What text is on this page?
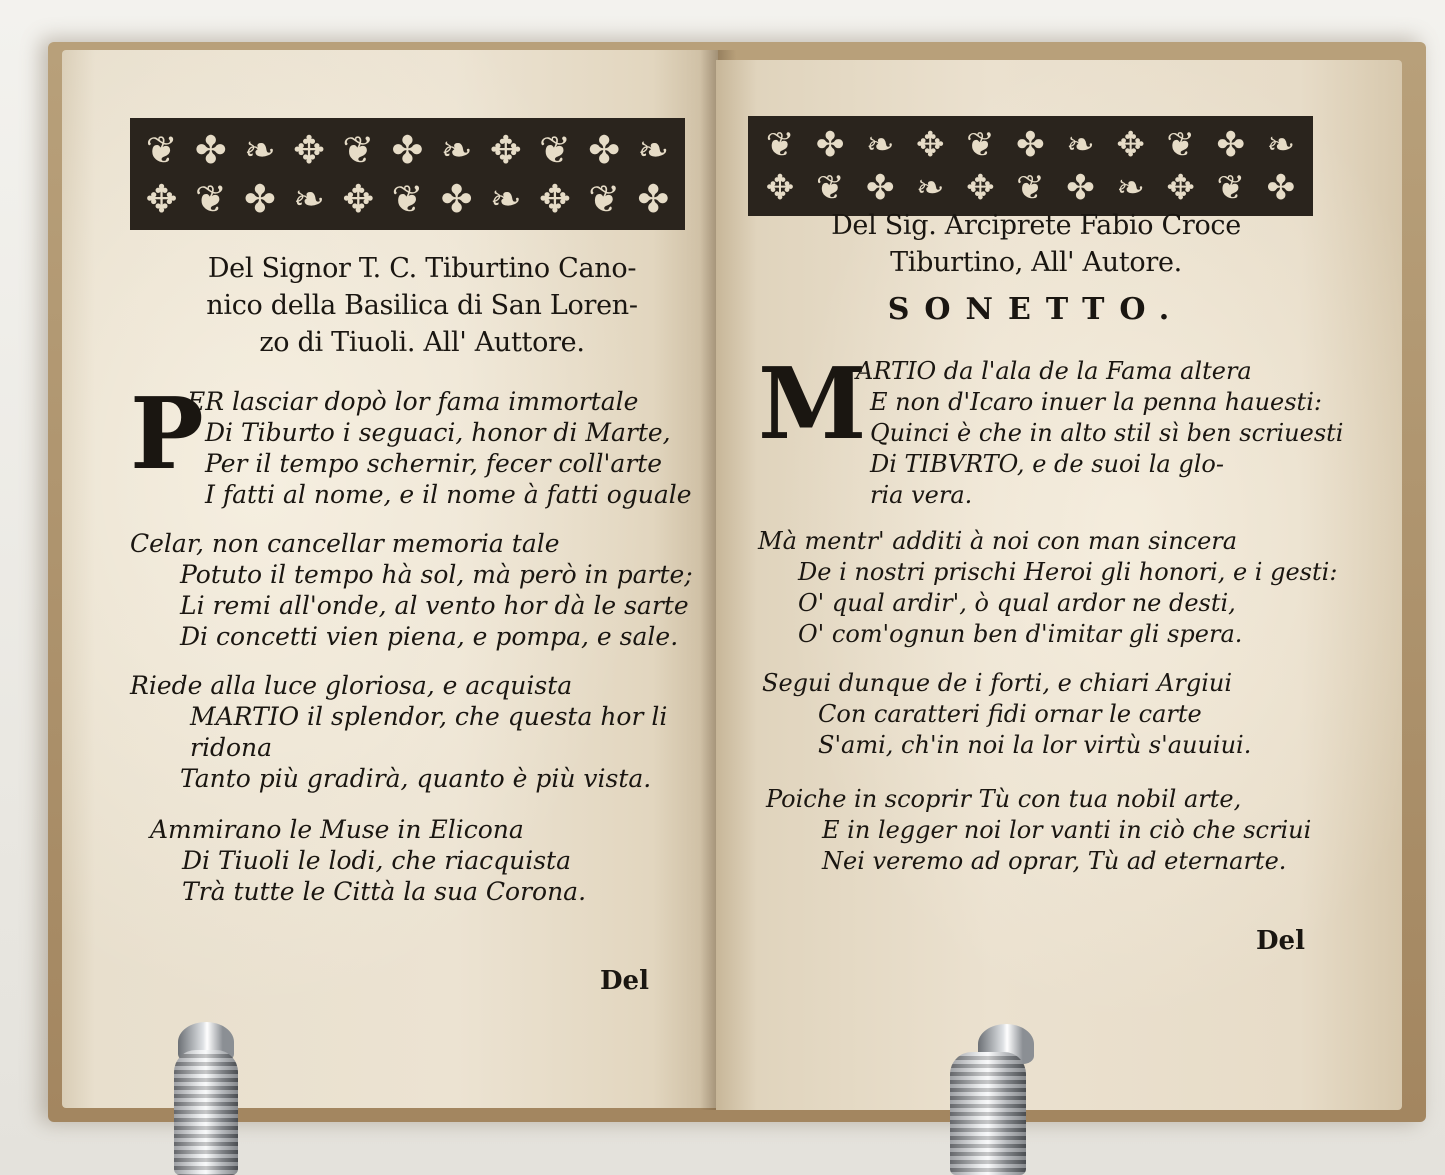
❦ ✤ ❧ ✥ ❦ ✤ ❧ ✥ ❦ ✤ ❧
✥ ❦ ✤ ❧ ✥ ❦ ✤ ❧ ✥ ❦ ✤
Del Signor T. C. Tiburtino Cano-
nico della Basilica di San Loren-
zo di Tiuoli. All' Auttore.
P
ER lasciar dopò lor fama immortale
Di Tiburto i seguaci, honor di Marte,
Per il tempo schernir, fecer coll'arte
I fatti al nome, e il nome à fatti oguale
Celar, non cancellar memoria tale
Potuto il tempo hà sol, mà però in parte;
Li remi all'onde, al vento hor dà le sarte
Di concetti vien piena, e pompa, e sale.
Riede alla luce gloriosa, e acquista
MARTIO il splendor, che questa hor li
ridona
Tanto più gradirà, quanto è più vista.
Ammirano le Muse in Elicona
Di Tiuoli le lodi, che riacquista
Trà tutte le Città la sua Corona.
Del
❦ ✤ ❧ ✥ ❦ ✤ ❧ ✥ ❦ ✤ ❧
✥ ❦ ✤ ❧ ✥ ❦ ✤ ❧ ✥ ❦ ✤
Del Sig. Arciprete Fabio Croce
Tiburtino, All' Autore.
SONETTO.
M
ARTIO da l'ala de la Fama altera
E non d'Icaro inuer la penna hauesti:
Quinci è che in alto stil sì ben scriuesti
Di TIBVRTO, e de suoi la glo-
ria vera.
Mà mentr' additi à noi con man sincera
De i nostri prischi Heroi gli honori, e i gesti:
O' qual ardir', ò qual ardor ne desti,
O' com'ognun ben d'imitar gli spera.
Segui dunque de i forti, e chiari Argiui
Con caratteri fidi ornar le carte
S'ami, ch'in noi la lor virtù s'auuiui.
Poiche in scoprir Tù con tua nobil arte,
E in legger noi lor vanti in ciò che scriui
Nei veremo ad oprar, Tù ad eternarte.
Del
